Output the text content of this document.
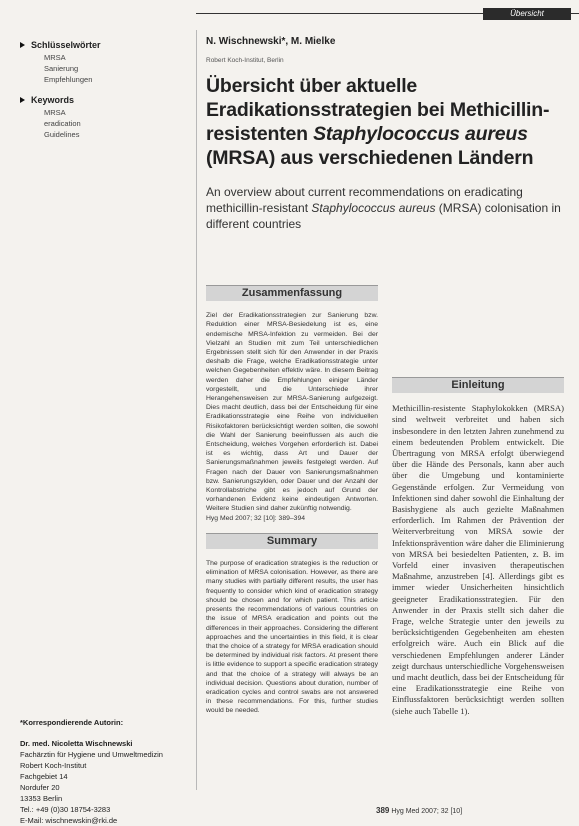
Übersicht
Schlüsselwörter
MRSA
Sanierung
Empfehlungen
Keywords
MRSA
eradication
Guidelines
*Korrespondierende Autorin:
Dr. med. Nicoletta Wischnewski
Fachärztin für Hygiene und Umweltmedizin
Robert Koch-Institut
Fachgebiet 14
Nordufer 20
13353 Berlin
Tel.: +49 (0)30 18754-3283
E-Mail: wischnewskin@rki.de
N. Wischnewski*, M. Mielke
Robert Koch-Institut, Berlin
Übersicht über aktuelle
Eradikationsstrategien bei Methicillin-
resistenten Staphylococcus aureus
(MRSA) aus verschiedenen Ländern
An overview about current recommendations on eradicating methicillin-resistant Staphylococcus aureus (MRSA) colonisation in different countries
Zusammenfassung

Ziel der Eradikationsstrategien zur Sanierung bzw. Reduktion einer MRSA-Besiedelung ist es, eine endemische MRSA-Infektion zu vermeiden. Bei der Vielzahl an Studien mit zum Teil unterschiedlichen Ergebnissen stellt sich für den Anwender in der Praxis deshalb die Frage, welche Eradikationsstrategie unter welchen Gegebenheiten effektiv wäre. In diesem Beitrag werden daher die Empfehlungen einiger Länder vorgestellt, und die Unterschiede ihrer Herangehensweisen zur MRSA-Sanierung aufgezeigt. Dies macht deutlich, dass bei der Entscheidung für eine Eradikationsstrategie eine Reihe von individuellen Risikofaktoren berücksichtigt werden sollten, die sowohl die Wahl der Sanierung beeinflussen als auch die Entscheidung, welches Vorgehen erforderlich ist. Dabei ist es wichtig, dass Art und Dauer der Sanierungsmaßnahmen jeweils festgelegt werden. Auf Fragen nach der Dauer von Sanierungsmaßnahmen bzw. Sanierungszyklen, oder Dauer und der Anzahl der Kontrollabstriche gibt es jedoch auf Grund der vorhandenen Evidenz keine eindeutigen Antworten. Weitere Studien sind daher zukünftig notwendig.

Hyg Med 2007; 32 [10]: 389–394

Summary

The purpose of eradication strategies is the reduction or elimination of MRSA colonisation. However, as there are many studies with partially different results, the user has frequently to consider which kind of eradication strategy should be chosen and for which patient. This article presents the recommendations of various countries on the issue of MRSA eradication and points out the differences in their approaches. Considering the different approaches and the uncertainties in this field, it is clear that the choice of a strategy for MRSA eradication should be determined by individual risk factors. At present there is little evidence to support a specific eradication strategy and that the choice of a strategy will always be an individual decision. Questions about duration, number of eradication cycles and control swabs are not answered in these recommendations. For this, further studies would be needed.

Einleitung

Methicillin-resistente Staphylokokken (MRSA) sind weltweit verbreitet und haben sich insbesondere in den letzten Jahren zunehmend zu einem bedeutenden Problem entwickelt. Die Übertragung von MRSA erfolgt überwiegend über die Hände des Personals, kann aber auch über die Umgebung und kontaminierte Gegenstände erfolgen. Zur Vermeidung von Infektionen sind daher sowohl die Einhaltung der Basishygiene als auch gezielte Maßnahmen erforderlich. Im Rahmen der Prävention der Weiterverbreitung von MRSA sowie der Infektionsprävention wäre daher die Eliminierung von MRSA bei besiedelten Patienten, z. B. im Vorfeld einer invasiven therapeutischen Maßnahme, anzustreben [4]. Allerdings gibt es immer wieder Unsicherheiten hinsichtlich geeigneter Eradikationsstrategien. Für den Anwender in der Praxis stellt sich daher die Frage, welche Strategie unter den jeweils zu berücksichtigenden Gegebenheiten am ehesten erfolgreich wäre. Auch ein Blick auf die verschiedenen Empfehlungen anderer Länder zeigt durchaus unterschiedliche Vorgehensweisen und macht deutlich, dass bei der Entscheidung für eine Eradikationsstrategie eine Reihe von Einflussfaktoren berücksichtigt werden sollten (siehe auch Tabelle 1).

389 Hyg Med 2007; 32 [10]
